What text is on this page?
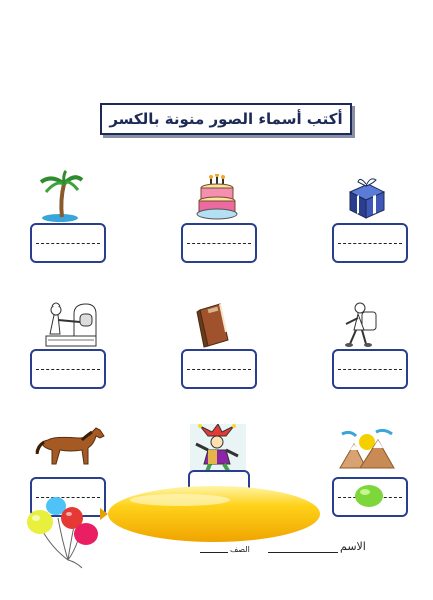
أكتب أسماء الصور منونة بالكسر
الاسم
الصف
